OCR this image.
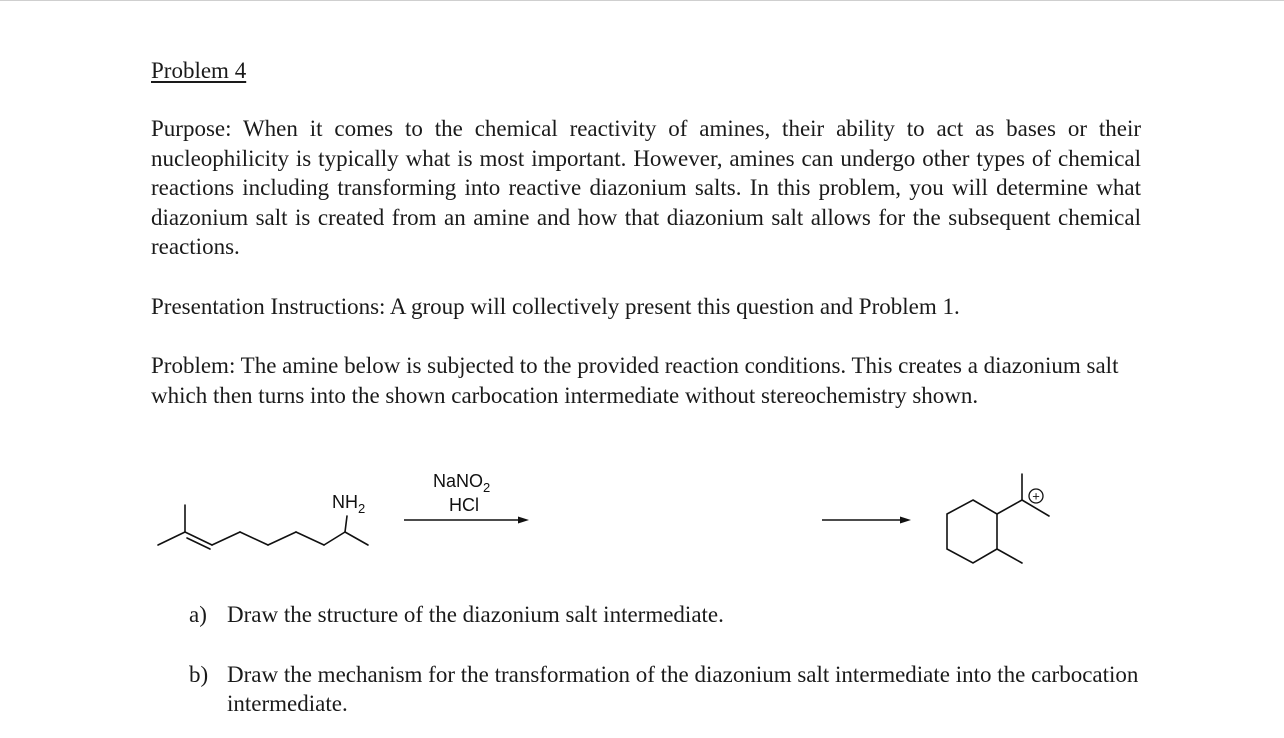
Problem 4

Purpose: When it comes to the chemical reactivity of amines, their ability to act as bases or their nucleophilicity is typically what is most important. However, amines can undergo other types of chemical reactions including transforming into reactive diazonium salts. In this problem, you will determine what diazonium salt is created from an amine and how that diazonium salt allows for the subsequent chemical reactions.

Presentation Instructions: A group will collectively present this question and Problem 1.

Problem: The amine below is subjected to the provided reaction conditions. This creates a diazonium salt which then turns into the shown carbocation intermediate without stereochemistry shown.

$NH_2$
NaNO$_2$
HCl	+
a) Draw the structure of the diazonium salt intermediate.
b) Draw the mechanism for the transformation of the diazonium salt intermediate into the carbocation intermediate.
